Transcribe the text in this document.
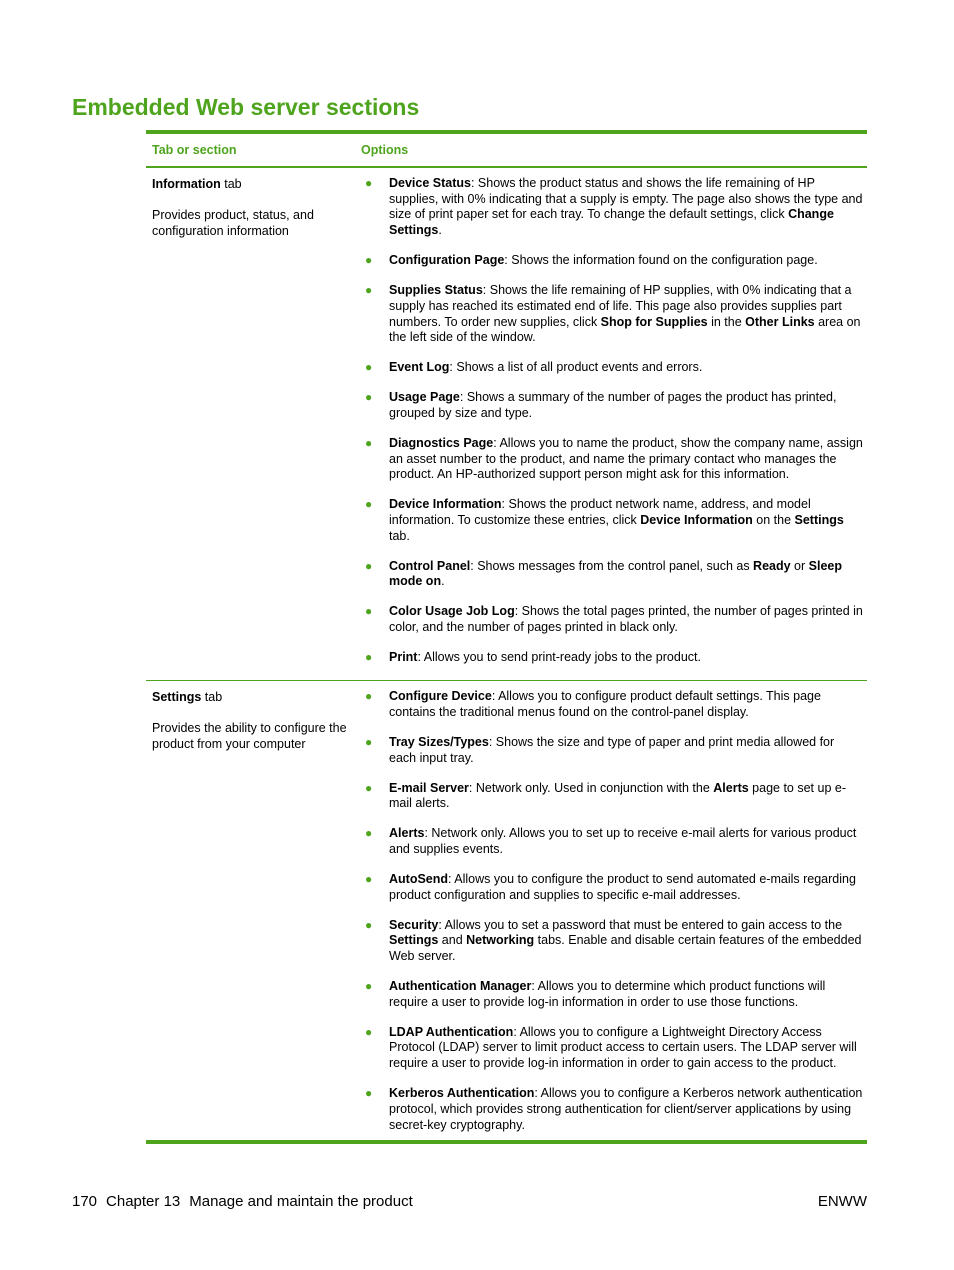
Embedded Web server sections
Tab or section	Options

Information tab

Provides product, status, and configuration information

● Device Status: Shows the product status and shows the life remaining of HP supplies, with 0% indicating that a supply is empty. The page also shows the type and size of print paper set for each tray. To change the default settings, click Change Settings.
● Configuration Page: Shows the information found on the configuration page.
● Supplies Status: Shows the life remaining of HP supplies, with 0% indicating that a supply has reached its estimated end of life. This page also provides supplies part numbers. To order new supplies, click Shop for Supplies in the Other Links area on the left side of the window.
● Event Log: Shows a list of all product events and errors.
● Usage Page: Shows a summary of the number of pages the product has printed, grouped by size and type.
● Diagnostics Page: Allows you to name the product, show the company name, assign an asset number to the product, and name the primary contact who manages the product. An HP-authorized support person might ask for this information.
● Device Information: Shows the product network name, address, and model information. To customize these entries, click Device Information on the Settings tab.
● Control Panel: Shows messages from the control panel, such as Ready or Sleep mode on.
● Color Usage Job Log: Shows the total pages printed, the number of pages printed in color, and the number of pages printed in black only.
● Print: Allows you to send print-ready jobs to the product.

Settings tab

Provides the ability to configure the product from your computer

● Configure Device: Allows you to configure product default settings. This page contains the traditional menus found on the control-panel display.
● Tray Sizes/Types: Shows the size and type of paper and print media allowed for each input tray.
● E-mail Server: Network only. Used in conjunction with the Alerts page to set up e-mail alerts.
● Alerts: Network only. Allows you to set up to receive e-mail alerts for various product and supplies events.
● AutoSend: Allows you to configure the product to send automated e-mails regarding product configuration and supplies to specific e-mail addresses.
● Security: Allows you to set a password that must be entered to gain access to the Settings and Networking tabs. Enable and disable certain features of the embedded Web server.
● Authentication Manager: Allows you to determine which product functions will require a user to provide log-in information in order to use those functions.
● LDAP Authentication: Allows you to configure a Lightweight Directory Access Protocol (LDAP) server to limit product access to certain users. The LDAP server will require a user to provide log-in information in order to gain access to the product.
● Kerberos Authentication: Allows you to configure a Kerberos network authentication protocol, which provides strong authentication for client/server applications by using secret-key cryptography.
170 Chapter 13 Manage and maintain the product	ENWW
